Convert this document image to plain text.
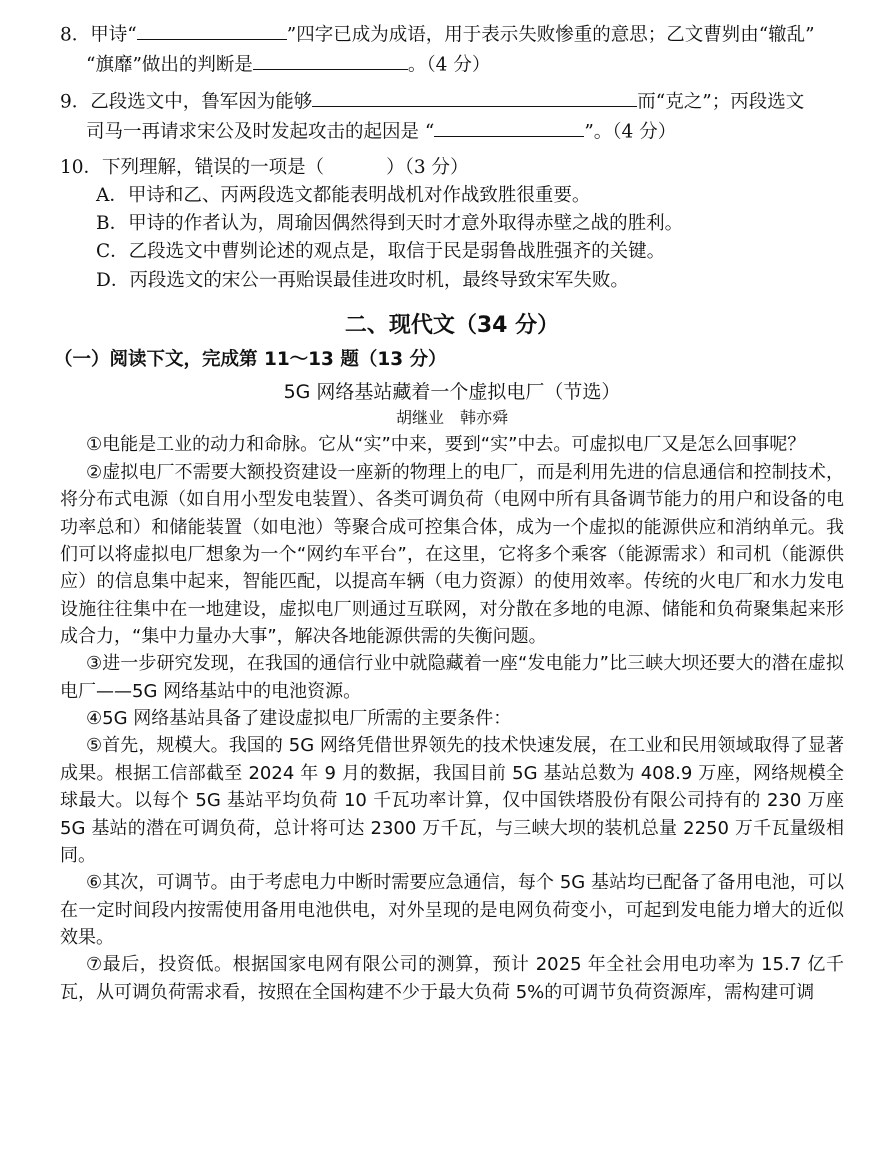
8．甲诗“	”四字已成为成语，用于表示失败惨重的意思；乙文曹刿由“辙乱”
“旗靡”做出的判断是	。（4 分）
9．乙段选文中，鲁军因为能够	而“克之”；丙段选文
司马一再请求宋公及时发起攻击的起因是 “	”。（4 分）
10．下列理解，错误的一项是（	）（3 分）
A．甲诗和乙、丙两段选文都能表明战机对作战致胜很重要。
B．甲诗的作者认为，周瑜因偶然得到天时才意外取得赤壁之战的胜利。
C．乙段选文中曹刿论述的观点是，取信于民是弱鲁战胜强齐的关键。
D．丙段选文的宋公一再贻误最佳进攻时机，最终导致宋军失败。
二、现代文（34 分）
（一）阅读下文，完成第 11～13 题（13 分）
5G 网络基站藏着一个虚拟电厂（节选）
胡继业　韩亦舜
①电能是工业的动力和命脉。它从“实”中来，要到“实”中去。可虚拟电厂又是怎么回事呢？
②虚拟电厂不需要大额投资建设一座新的物理上的电厂，而是利用先进的信息通信和控制技术，将分布式电源（如自用小型发电装置）、各类可调负荷（电网中所有具备调节能力的用户和设备的电功率总和）和储能装置（如电池）等聚合成可控集合体，成为一个虚拟的能源供应和消纳单元。我们可以将虚拟电厂想象为一个“网约车平台”，在这里，它将多个乘客（能源需求）和司机（能源供应）的信息集中起来，智能匹配，以提高车辆（电力资源）的使用效率。传统的火电厂和水力发电设施往往集中在一地建设，虚拟电厂则通过互联网，对分散在多地的电源、储能和负荷聚集起来形成合力，“集中力量办大事”，解决各地能源供需的失衡问题。
③进一步研究发现，在我国的通信行业中就隐藏着一座“发电能力”比三峡大坝还要大的潜在虚拟电厂——5G 网络基站中的电池资源。
④5G 网络基站具备了建设虚拟电厂所需的主要条件：
⑤首先，规模大。我国的 5G 网络凭借世界领先的技术快速发展，在工业和民用领域取得了显著成果。根据工信部截至 2024 年 9 月的数据，我国目前 5G 基站总数为 408.9 万座，网络规模全球最大。以每个 5G 基站平均负荷 10 千瓦功率计算，仅中国铁塔股份有限公司持有的 230 万座 5G 基站的潜在可调负荷，总计将可达 2300 万千瓦，与三峡大坝的装机总量 2250 万千瓦量级相同。
⑥其次，可调节。由于考虑电力中断时需要应急通信，每个 5G 基站均已配备了备用电池，可以在一定时间段内按需使用备用电池供电，对外呈现的是电网负荷变小，可起到发电能力增大的近似效果。
⑦最后，投资低。根据国家电网有限公司的测算，预计 2025 年全社会用电功率为 15.7 亿千瓦，从可调负荷需求看，按照在全国构建不少于最大负荷 5%的可调节负荷资源库，需构建可调
